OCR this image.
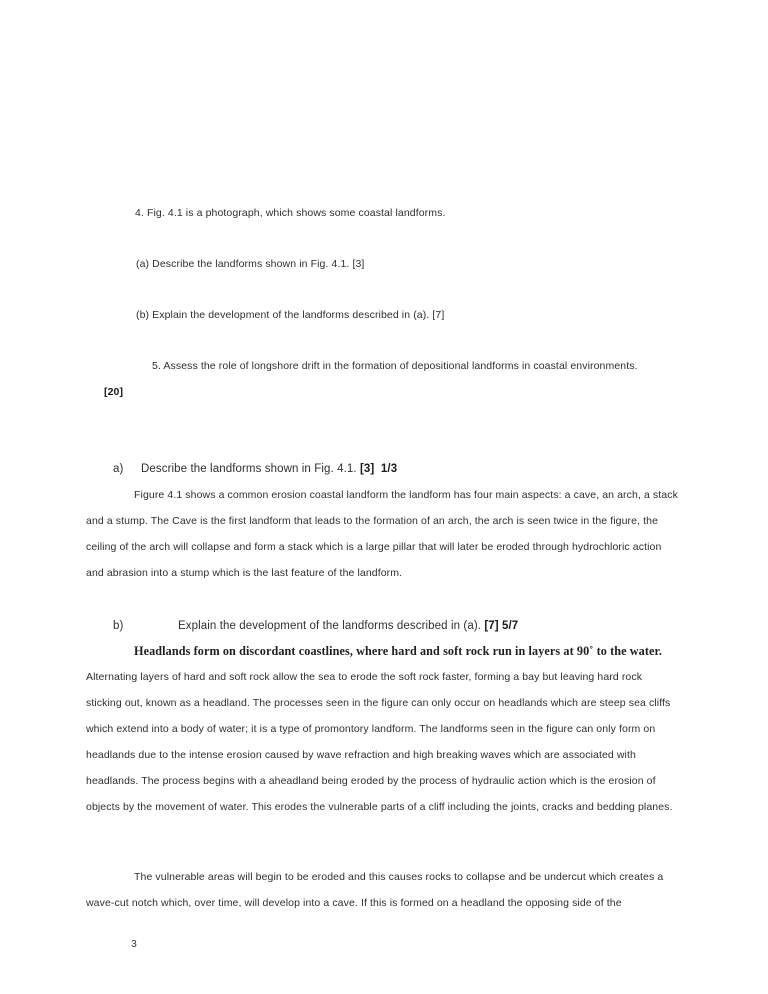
4. Fig. 4.1 is a photograph, which shows some coastal landforms.
(a) Describe the landforms shown in Fig. 4.1. [3]
(b) Explain the development of the landforms described in (a). [7]
5. Assess the role of longshore drift in the formation of depositional landforms in coastal environments.
[20]
a) Describe the landforms shown in Fig. 4.1. [3] 1/3
Figure 4.1 shows a common erosion coastal landform the landform has four main aspects: a cave, an arch, a stack and a stump. The Cave is the first landform that leads to the formation of an arch, the arch is seen twice in the figure, the ceiling of the arch will collapse and form a stack which is a large pillar that will later be eroded through hydrochloric action and abrasion into a stump which is the last feature of the landform.
b)	Explain the development of the landforms described in (a). [7] 5/7
Headlands form on discordant coastlines, where hard and soft rock run in layers at 90˚ to the water.
Alternating layers of hard and soft rock allow the sea to erode the soft rock faster, forming a bay but leaving hard rock sticking out, known as a headland. The processes seen in the figure can only occur on headlands which are steep sea cliffs which extend into a body of water; it is a type of promontory landform. The landforms seen in the figure can only form on headlands due to the intense erosion caused by wave refraction and high breaking waves which are associated with headlands. The process begins with a aheadland being eroded by the process of hydraulic action which is the erosion of objects by the movement of water. This erodes the vulnerable parts of a cliff including the joints, cracks and bedding planes.
The vulnerable areas will begin to be eroded and this causes rocks to collapse and be undercut which creates a wave-cut notch which, over time, will develop into a cave. If this is formed on a headland the opposing side of the
3
